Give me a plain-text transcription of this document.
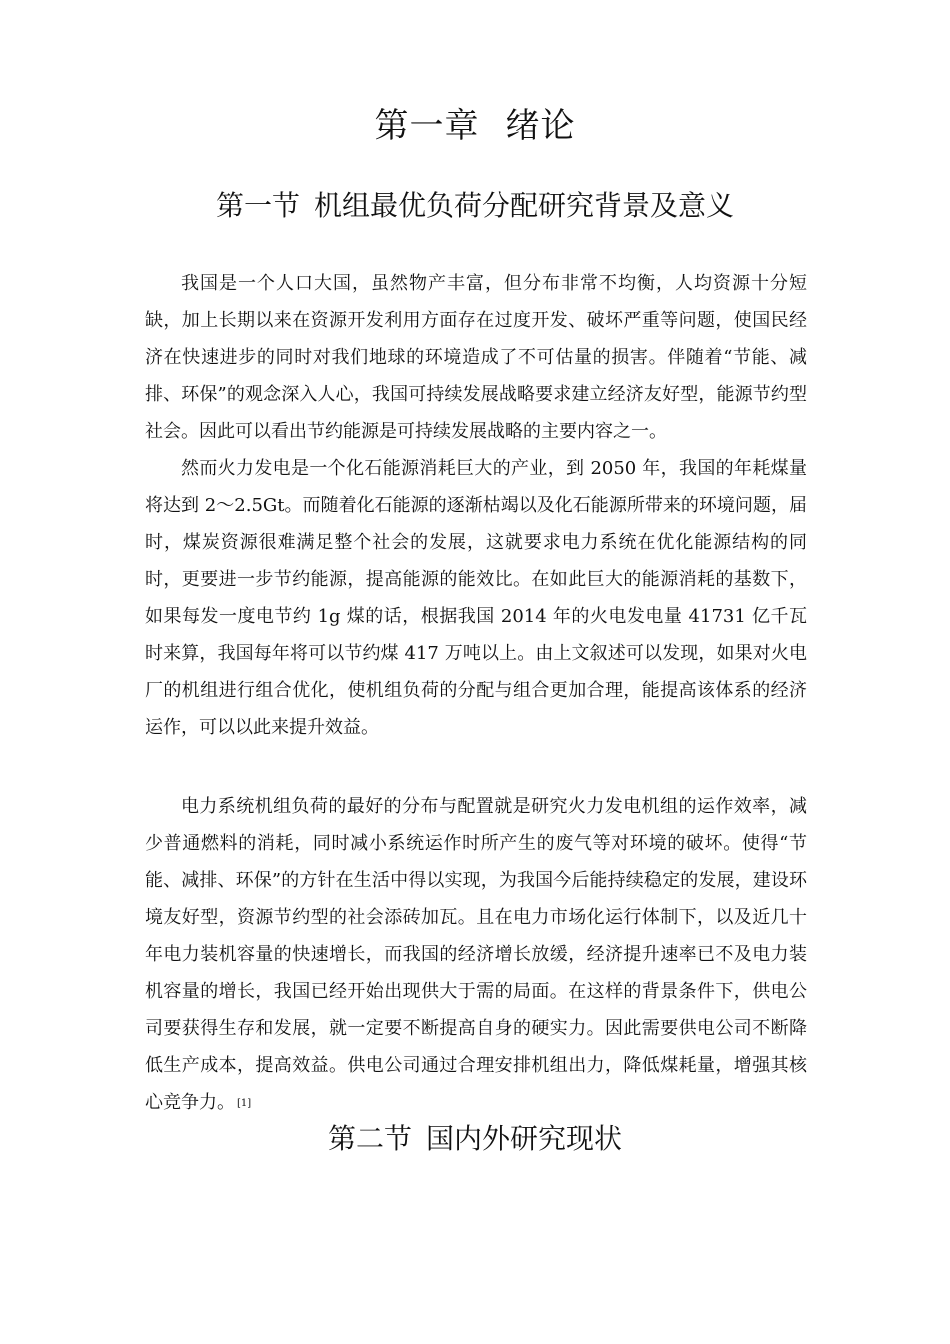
第一章 绪论
第一节 机组最优负荷分配研究背景及意义

我国是一个人口大国，虽然物产丰富，但分布非常不均衡，人均资源十分短缺，加上长期以来在资源开发利用方面存在过度开发、破坏严重等问题，使国民经济在快速进步的同时对我们地球的环境造成了不可估量的损害。伴随着“节能、减排、环保”的观念深入人心，我国可持续发展战略要求建立经济友好型，能源节约型社会。因此可以看出节约能源是可持续发展战略的主要内容之一。

然而火力发电是一个化石能源消耗巨大的产业，到 2050 年，我国的年耗煤量将达到 2～2.5Gt。而随着化石能源的逐渐枯竭以及化石能源所带来的环境问题，届时，煤炭资源很难满足整个社会的发展，这就要求电力系统在优化能源结构的同时，更要进一步节约能源，提高能源的能效比。在如此巨大的能源消耗的基数下，如果每发一度电节约 1g 煤的话，根据我国 2014 年的火电发电量 41731 亿千瓦时来算，我国每年将可以节约煤 417 万吨以上。由上文叙述可以发现，如果对火电厂的机组进行组合优化，使机组负荷的分配与组合更加合理，能提高该体系的经济运作，可以以此来提升效益。

电力系统机组负荷的最好的分布与配置就是研究火力发电机组的运作效率，减少普通燃料的消耗，同时减小系统运作时所产生的废气等对环境的破坏。使得“节能、减排、环保”的方针在生活中得以实现，为我国今后能持续稳定的发展，建设环境友好型，资源节约型的社会添砖加瓦。且在电力市场化运行体制下，以及近几十年电力装机容量的快速增长，而我国的经济增长放缓，经济提升速率已不及电力装机容量的增长，我国已经开始出现供大于需的局面。在这样的背景条件下，供电公司要获得生存和发展，就一定要不断提高自身的硬实力。因此需要供电公司不断降低生产成本，提高效益。供电公司通过合理安排机组出力，降低煤耗量，增强其核心竞争力。 [1]

第二节 国内外研究现状
